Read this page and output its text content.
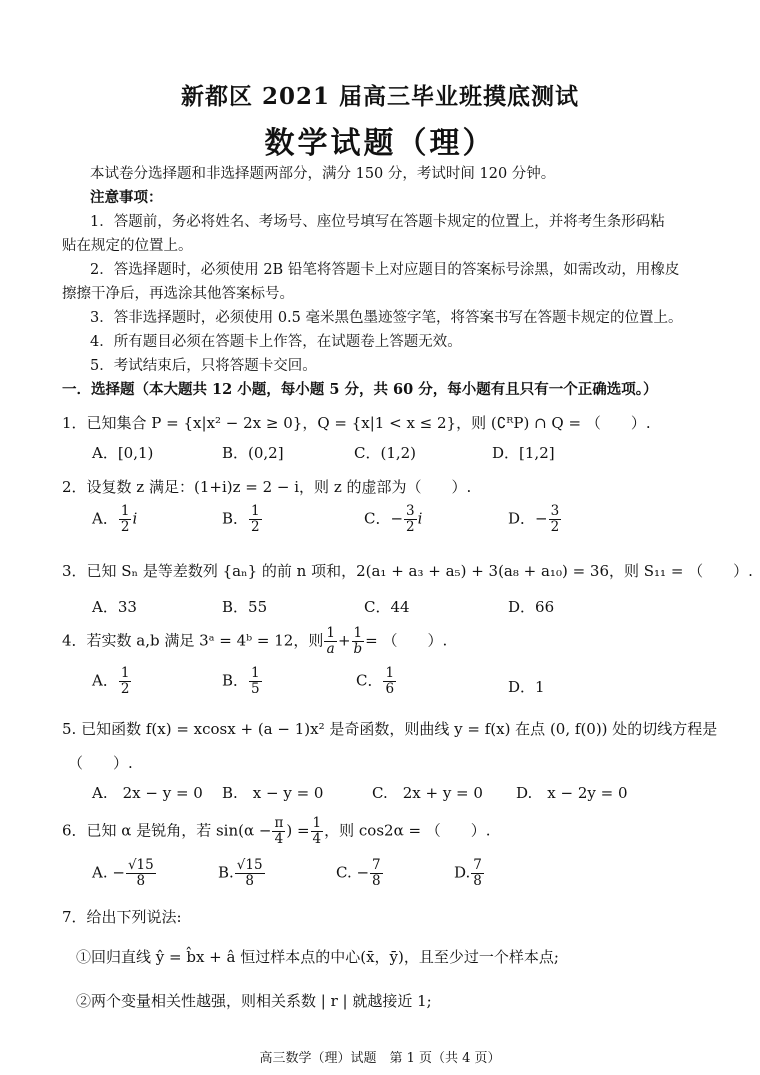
新都区 2021 届高三毕业班摸底测试
数学试题（理）
本试卷分选择题和非选择题两部分，满分 150 分，考试时间 120 分钟。
注意事项：
1．答题前，务必将姓名、考场号、座位号填写在答题卡规定的位置上，并将考生条形码粘
贴在规定的位置上。
2．答选择题时，必须使用 2B 铅笔将答题卡上对应题目的答案标号涂黑，如需改动，用橡皮
擦擦干净后，再选涂其他答案标号。
3．答非选择题时，必须使用 0.5 毫米黑色墨迹签字笔，将答案书写在答题卡规定的位置上。
4．所有题目必须在答题卡上作答，在试题卷上答题无效。
5．考试结束后，只将答题卡交回。
一．选择题（本大题共 12 小题，每小题 5 分，共 60 分，每小题有且只有一个正确选项。）
1．已知集合 P = {x|x² − 2x ≥ 0}，Q = {x|1 < x ≤ 2}，则 (∁ᴿP) ∩ Q = （　　）.
A．[0,1)	B．(0,2]	C．(1,2)	D．[1,2]
2．设复数 z 满足：(1+i)z = 2 − i，则 z 的虚部为（　　）.
A． $\frac{1}{2}$ i	B． $\frac{1}{2}$	C．− $\frac{3}{2}$ i	D．− $\frac{3}{2}$
3．已知 Sₙ 是等差数列 {aₙ} 的前 n 项和，2(a₁ + a₃ + a₅) + 3(a₈ + a₁₀) = 36，则 S₁₁ = （　　）.
A．33	B．55	C．44	D．66
4．若实数 a,b 满足 3ᵃ = 4ᵇ = 12，则 $\frac{1}{a} + \frac{1}{b}$ = （　　）.
A． $\frac{1}{2}$	B． $\frac{1}{5}$	C． $\frac{1}{6}$	D．1
5. 已知函数 f(x) = xcosx + (a − 1)x² 是奇函数，则曲线 y = f(x) 在点 (0, f(0)) 处的切线方程是
（　　）.
A.　2x − y = 0 B.　x − y = 0	C.　2x + y = 0 D.　x − 2y = 0
6．已知 α 是锐角，若 $\sin(\alpha - \frac{\pi}{4}$ ) = $\frac{1}{4}$ ，则 cos2α = （　　）.
A. − $\frac{√15}{8}$	B. $\frac{√15}{8}$	C. − $\frac{7}{8}$	D. $\frac{7}{8}$
7．给出下列说法:
①回归直线 ŷ = b̂x + â 恒过样本点的中心(x̄，ȳ)，且至少过一个样本点;
②两个变量相关性越强，则相关系数 | r | 就越接近 1;
高三数学（理）试题　第 1 页（共 4 页）
